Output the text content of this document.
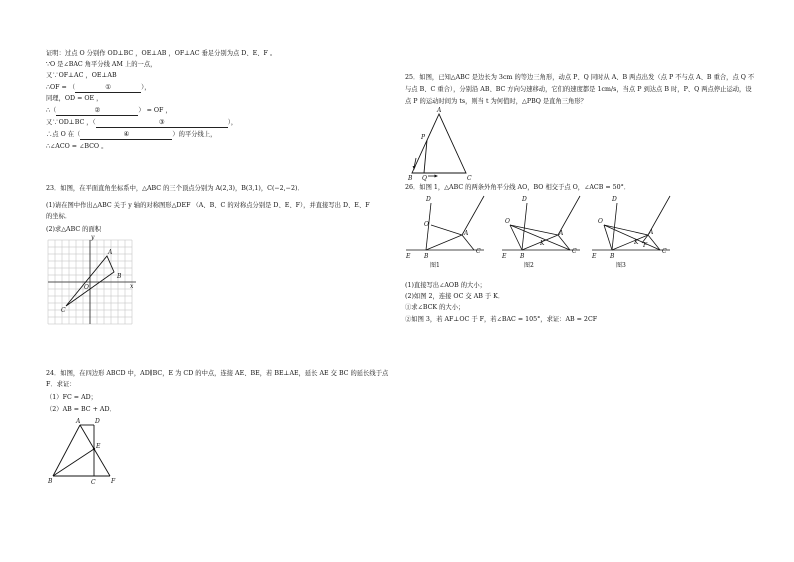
证明：过点 O 分别作 OD⊥BC ，OE⊥AB ，OF⊥AC 垂足分别为点 D、E、F 。
∵O 是∠BAC 角平分线 AM 上的一点，
又∵OF⊥AC ，OE⊥AB
∴OF = （	①	），
同理，OD = OE ，
∴（	②	） = OF ，
又∵OD⊥BC ，（	③	），
∴点 O 在（	④	）的平分线上，
∴∠ACO = ∠BCO 。
23．如图，在平面直角坐标系中，△ABC 的三个顶点分别为 A(2,3)，B(3,1)，C(−2,−2)．
(1)请在图中作出△ABC 关于 y 轴的对称图形△DEF （A、B、C 的对称点分别是 D、E、F），并直接写出 D、E、F
的坐标．
(2)求△ABC 的面积
A
B
C
y
x
O
24．如图，在四边形 ABCD 中，AD∥BC，E 为 CD 的中点，连接 AE、BE，若 BE⊥AE，延长 AE 交 BC 的延长线于点
F．求证：
（1）FC = AD；
（2）AB = BC + AD．
A D
E
B	C	F
25．如图，已知△ABC 是边长为 3cm 的等边三角形，动点 P、Q 同时从 A、B 两点出发（点 P 不与点 A、B 重合，点 Q 不与点 B、C 重合），分别沿 AB、BC 方向匀速移动，它们的速度都是 1cm/s，当点 P 到达点 B 时，P、Q 两点停止运动，设点 P 的运动时间为 ts，则当 t 为何值时，△PBQ 是直角三角形？
A
P
B Q	C
26．如图 1，△ABC 的两条外角平分线 AO，BO 相交于点 O，∠ACB = 50°．
D
O
A
E B
C
图1
D
O
A
K
E B
C
图2
D
O
A
K F
E B
C
图3
(1)直接写出∠AOB 的大小；
(2)如图 2，连接 OC 交 AB 于 K．
①求∠BCK 的大小；
②如图 3，若 AF⊥OC 于 F，若∠BAC = 105°，求证：AB = 2CF
